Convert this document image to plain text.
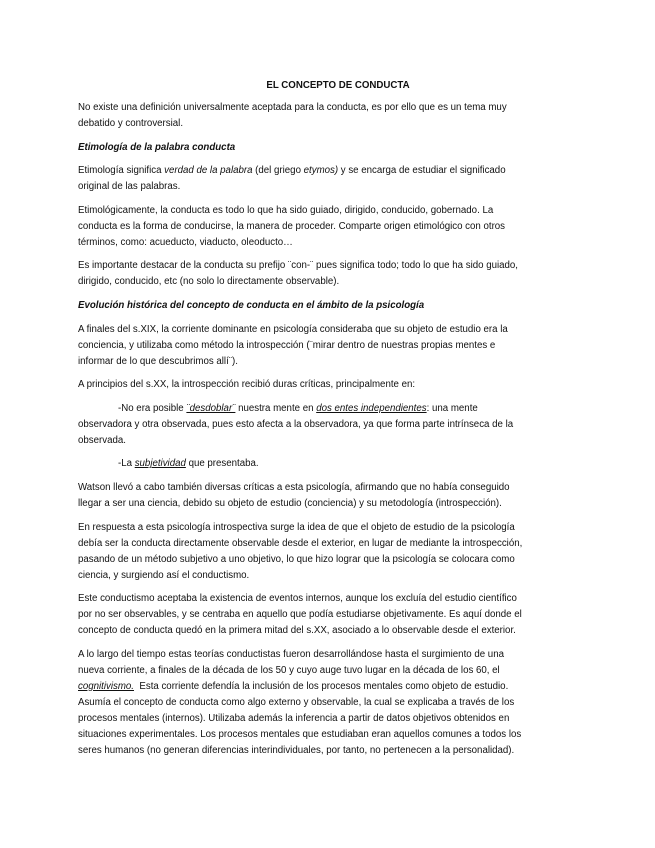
EL CONCEPTO DE CONDUCTA
No existe una definición universalmente aceptada para la conducta, es por ello que es un tema muy
debatido y controversial.
Etimología de la palabra conducta
Etimología significa verdad de la palabra (del griego etymos) y se encarga de estudiar el significado
original de las palabras.
Etimológicamente, la conducta es todo lo que ha sido guiado, dirigido, conducido, gobernado. La
conducta es la forma de conducirse, la manera de proceder. Comparte origen etimológico con otros
términos, como: acueducto, viaducto, oleoducto…
Es importante destacar de la conducta su prefijo ¨con-¨ pues significa todo; todo lo que ha sido guiado,
dirigido, conducido, etc (no solo lo directamente observable).
Evolución histórica del concepto de conducta en el ámbito de la psicología
A finales del s.XIX, la corriente dominante en psicología consideraba que su objeto de estudio era la
conciencia, y utilizaba como método la introspección (¨mirar dentro de nuestras propias mentes e
informar de lo que descubrimos allí¨).
A principios del s.XX, la introspección recibió duras críticas, principalmente en:
-No era posible ¨desdoblar¨ nuestra mente en dos entes independientes: una mente
observadora y otra observada, pues esto afecta a la observadora, ya que forma parte intrínseca de la
observada.
-La subjetividad que presentaba.
Watson llevó a cabo también diversas críticas a esta psicología, afirmando que no había conseguido
llegar a ser una ciencia, debido su objeto de estudio (conciencia) y su metodología (introspección).
En respuesta a esta psicología introspectiva surge la idea de que el objeto de estudio de la psicología
debía ser la conducta directamente observable desde el exterior, en lugar de mediante la introspección,
pasando de un método subjetivo a uno objetivo, lo que hizo lograr que la psicología se colocara como
ciencia, y surgiendo así el conductismo.
Este conductismo aceptaba la existencia de eventos internos, aunque los excluía del estudio científico
por no ser observables, y se centraba en aquello que podía estudiarse objetivamente. Es aquí donde el
concepto de conducta quedó en la primera mitad del s.XX, asociado a lo observable desde el exterior.
A lo largo del tiempo estas teorías conductistas fueron desarrollándose hasta el surgimiento de una
nueva corriente, a finales de la década de los 50 y cuyo auge tuvo lugar en la década de los 60, el
cognitivismo.  Esta corriente defendía la inclusión de los procesos mentales como objeto de estudio.
Asumía el concepto de conducta como algo externo y observable, la cual se explicaba a través de los
procesos mentales (internos). Utilizaba además la inferencia a partir de datos objetivos obtenidos en
situaciones experimentales. Los procesos mentales que estudiaban eran aquellos comunes a todos los
seres humanos (no generan diferencias interindividuales, por tanto, no pertenecen a la personalidad).
